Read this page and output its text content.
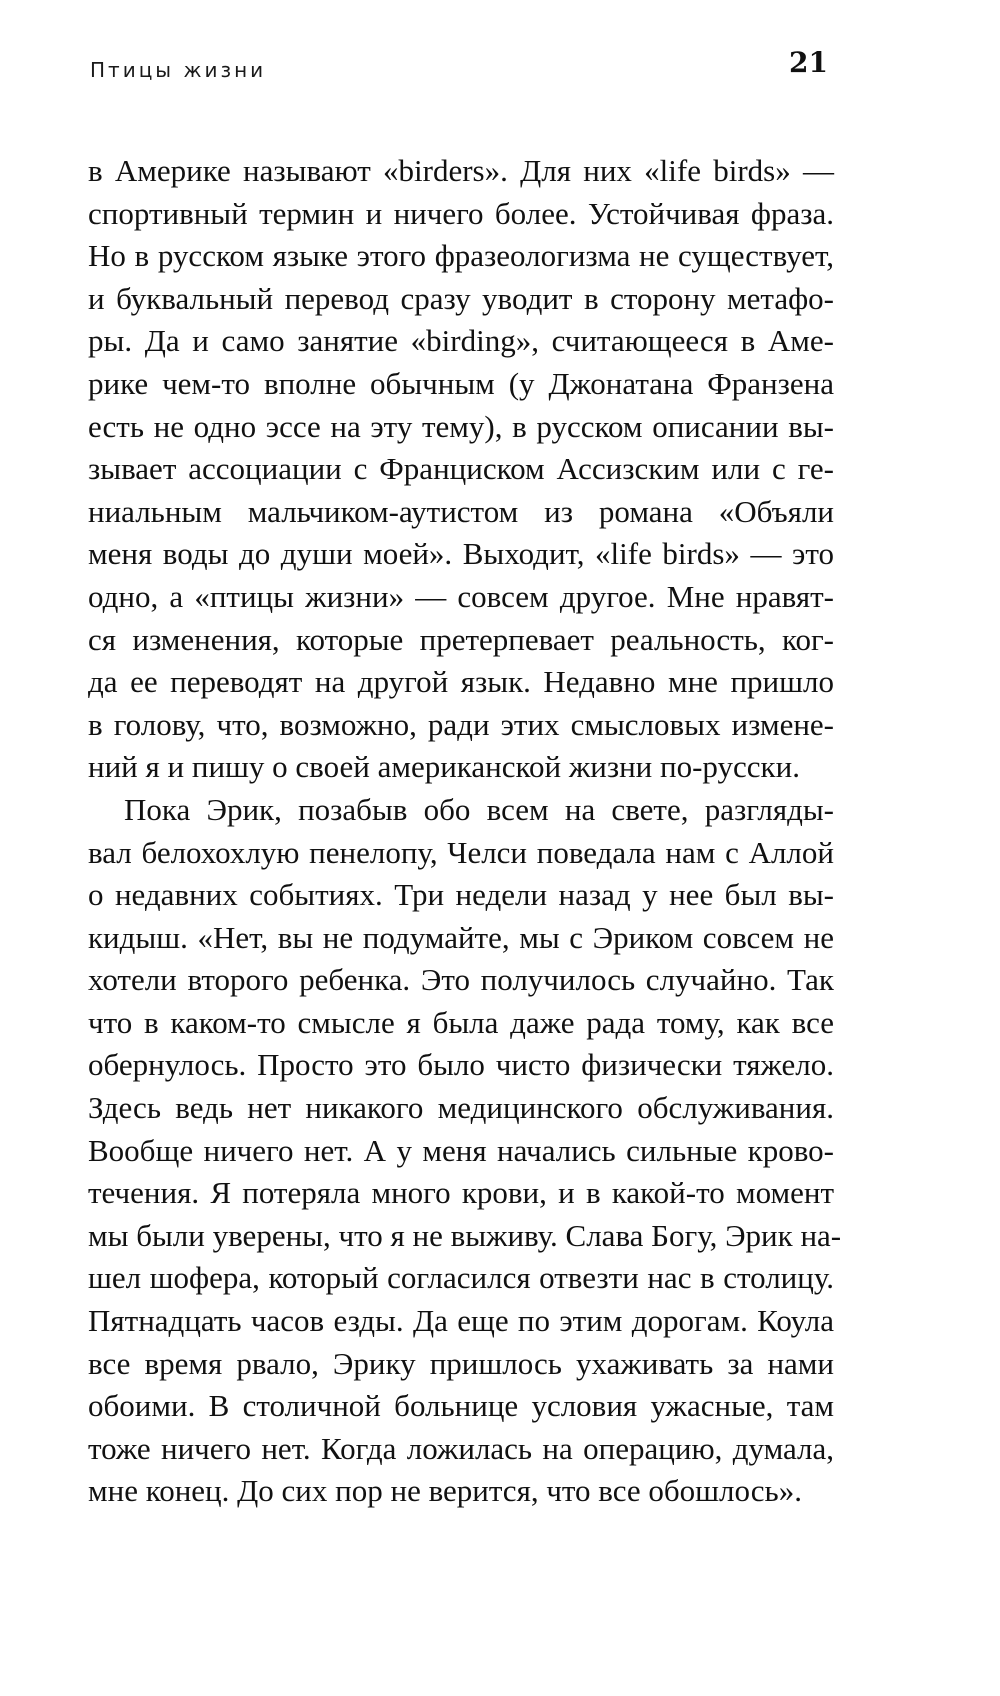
Птицы жизни	21
в Америке называют «birders». Для них «life birds» —
спортивный термин и ничего более. Устойчивая фраза.
Но в русском языке этого фразеологизма не существует,
и буквальный перевод сразу уводит в сторону метафо-
ры. Да и само занятие «birding», считающееся в Аме-
рике чем-то вполне обычным (у Джонатана Франзена
есть не одно эссе на эту тему), в русском описании вы-
зывает ассоциации с Франциском Ассизским или с ге-
ниальным мальчиком-аутистом из романа «Объяли
меня воды до души моей». Выходит, «life birds» — это
одно, а «птицы жизни» — совсем другое. Мне нравят-
ся изменения, которые претерпевает реальность, ког-
да ее переводят на другой язык. Недавно мне пришло
в голову, что, возможно, ради этих смысловых измене-
ний я и пишу о своей американской жизни по-русски.
Пока Эрик, позабыв обо всем на свете, разгляды-
вал белохохлую пенелопу, Челси поведала нам с Аллой
о недавних событиях. Три недели назад у нее был вы-
кидыш. «Нет, вы не подумайте, мы с Эриком совсем не
хотели второго ребенка. Это получилось случайно. Так
что в каком-то смысле я была даже рада тому, как все
обернулось. Просто это было чисто физически тяжело.
Здесь ведь нет никакого медицинского обслуживания.
Вообще ничего нет. А у меня начались сильные крово-
течения. Я потеряла много крови, и в какой-то момент
мы были уверены, что я не выживу. Слава Богу, Эрик на-
шел шофера, который согласился отвезти нас в столицу.
Пятнадцать часов езды. Да еще по этим дорогам. Коула
все время рвало, Эрику пришлось ухаживать за нами
обоими. В столичной больнице условия ужасные, там
тоже ничего нет. Когда ложилась на операцию, думала,
мне конец. До сих пор не верится, что все обошлось».
